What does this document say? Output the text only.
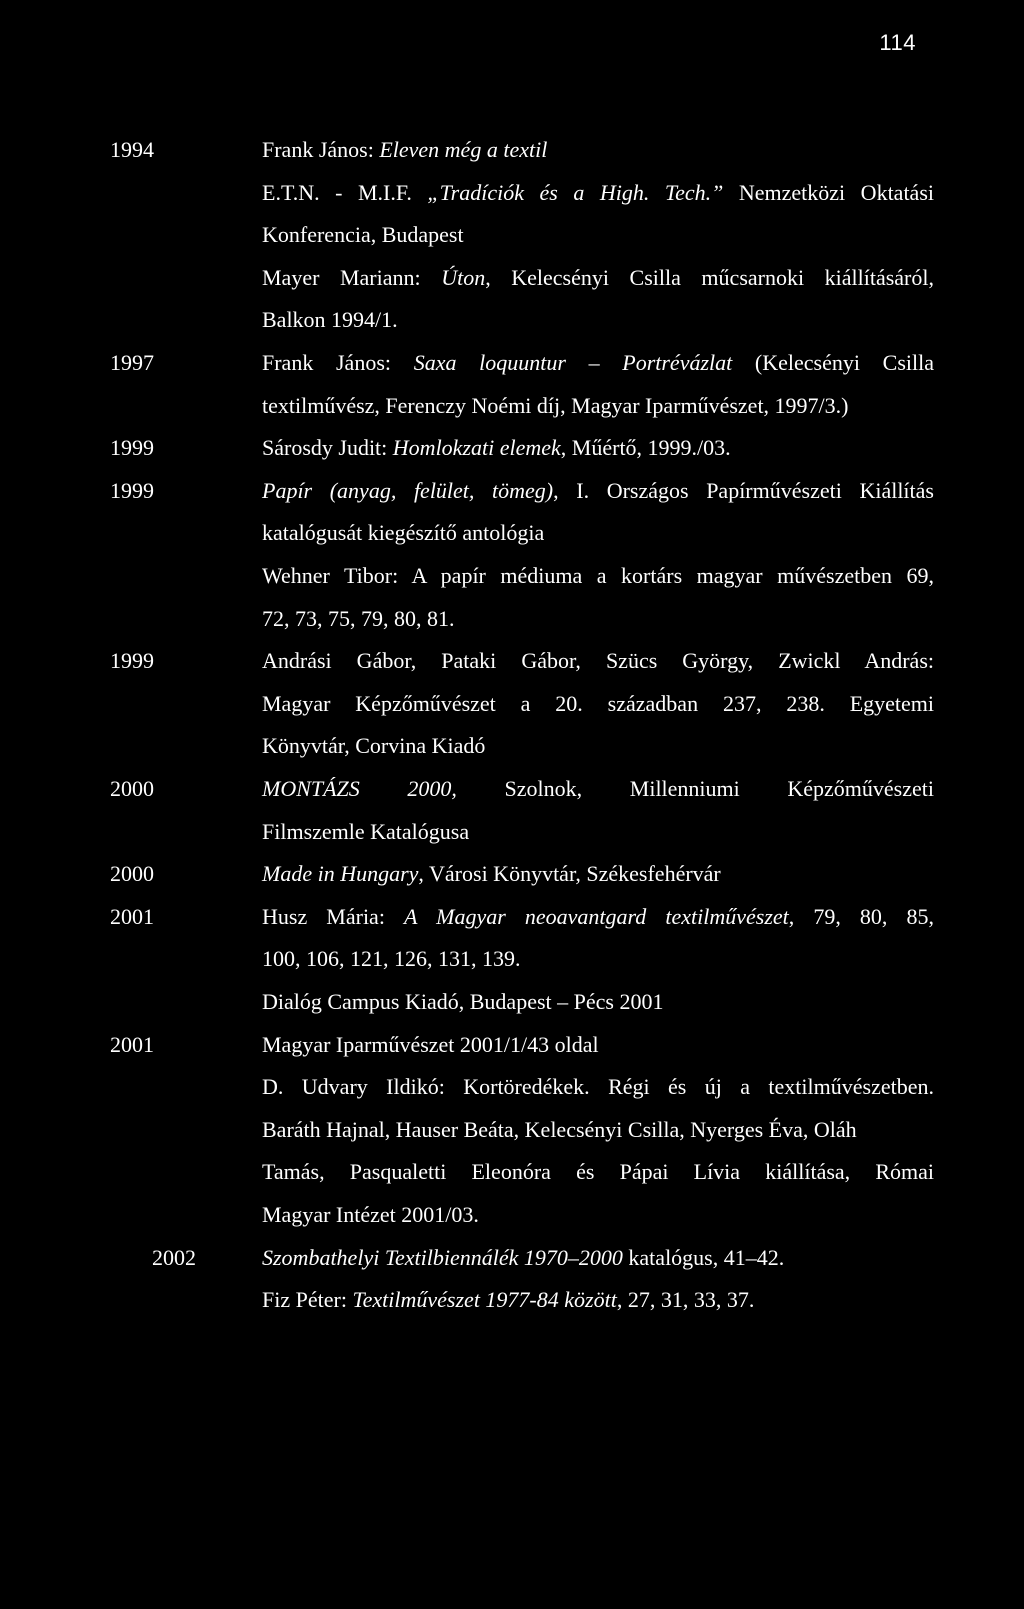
114
1994	Frank János: Eleven még a textil
E.T.N. - M.I.F. „Tradíciók és a High. Tech.” Nemzetközi Oktatási
Konferencia, Budapest
Mayer Mariann: Úton, Kelecsényi Csilla műcsarnoki kiállításáról,
Balkon 1994/1.
1997	Frank János: Saxa loquuntur – Portrévázlat (Kelecsényi Csilla
textilművész, Ferenczy Noémi díj, Magyar Iparművészet, 1997/3.)
1999	Sárosdy Judit: Homlokzati elemek, Műértő, 1999./03.
1999	Papír (anyag, felület, tömeg), I. Országos Papírművészeti Kiállítás
katalógusát kiegészítő antológia
Wehner Tibor: A papír médiuma a kortárs magyar művészetben 69,
72, 73, 75, 79, 80, 81.
1999	Andrási Gábor, Pataki Gábor, Szücs György, Zwickl András:
Magyar Képzőművészet a 20. században 237, 238. Egyetemi
Könyvtár, Corvina Kiadó
2000	MONTÁZS 2000, Szolnok, Millenniumi Képzőművészeti
Filmszemle Katalógusa
2000	Made in Hungary, Városi Könyvtár, Székesfehérvár
2001	Husz Mária: A Magyar neoavantgard textilművészet, 79, 80, 85,
100, 106, 121, 126, 131, 139.
Dialóg Campus Kiadó, Budapest – Pécs 2001
2001	Magyar Iparművészet 2001/1/43 oldal
D. Udvary Ildikó: Kortöredékek. Régi és új a textilművészetben.
Baráth Hajnal, Hauser Beáta, Kelecsényi Csilla, Nyerges Éva, Oláh
Tamás, Pasqualetti Eleonóra és Pápai Lívia kiállítása, Római
Magyar Intézet 2001/03.
2002	Szombathelyi Textilbiennálék 1970–2000 katalógus, 41–42.
Fiz Péter: Textilművészet 1977-84 között, 27, 31, 33, 37.
